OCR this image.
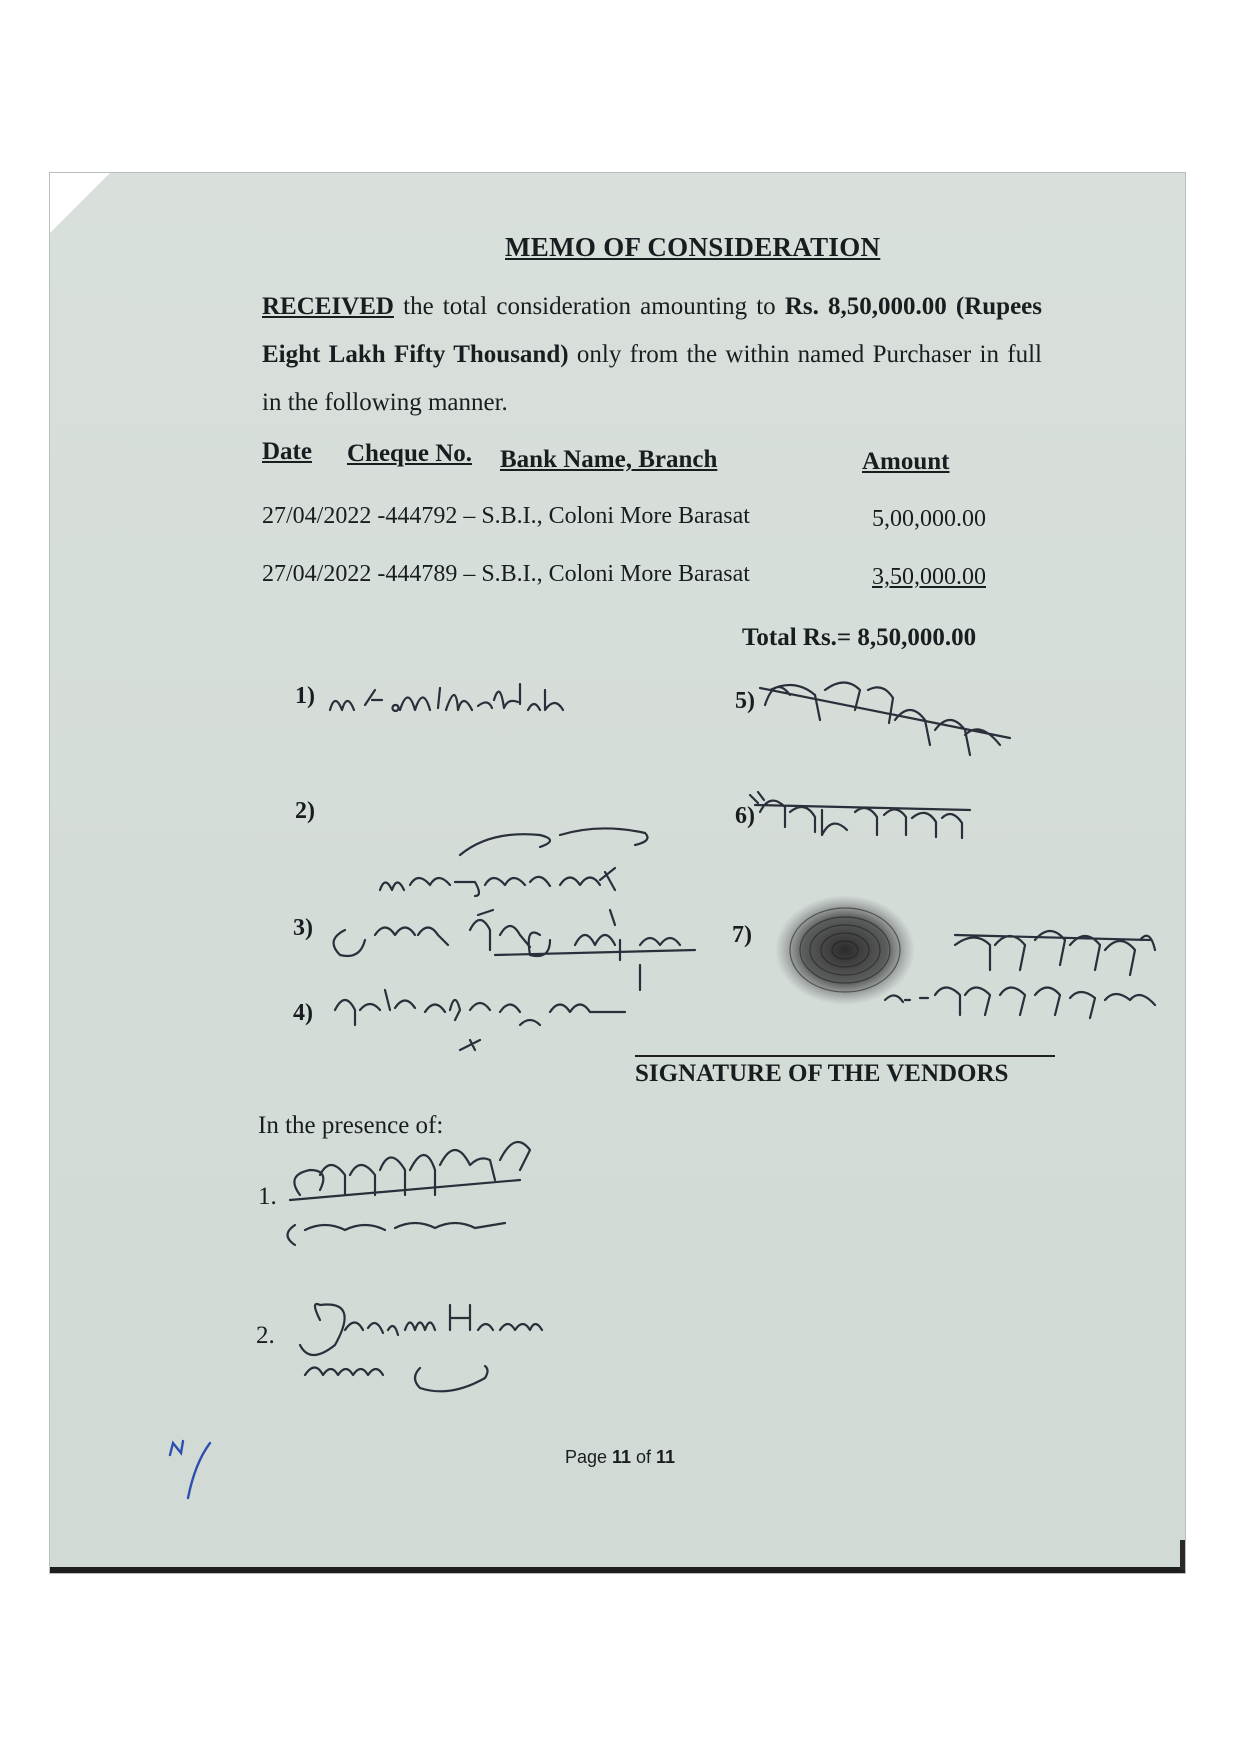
MEMO OF CONSIDERATION
RECEIVED the total consideration amounting to Rs. 8,50,000.00 (Rupees Eight Lakh Fifty Thousand) only from the within named Purchaser in full in the following manner.
Date Cheque No. Bank Name, Branch	Amount
27/04/2022 -444792 – S.B.I., Coloni More Barasat	5,00,000.00
27/04/2022 -444789 – S.B.I., Coloni More Barasat	3,50,000.00
Total Rs.= 8,50,000.00
1)
2)
3)
4)
5)
6)
7)
SIGNATURE OF THE VENDORS
In the presence of:
1.
2.
Page 11 of 11
